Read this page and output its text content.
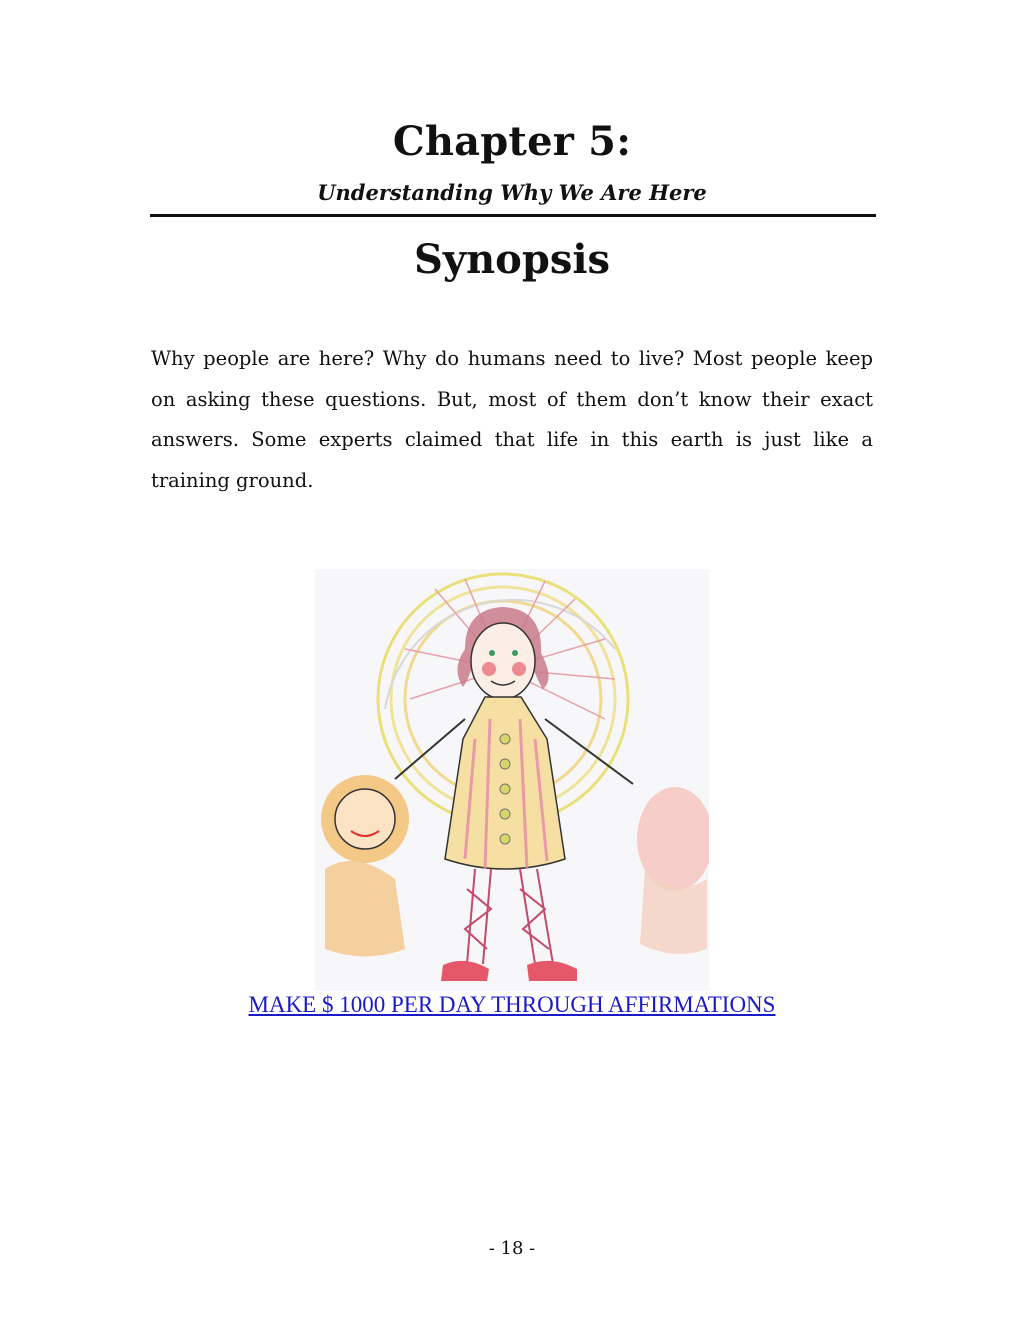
Chapter 5:
Understanding Why We Are Here
Synopsis

Why people are here? Why do humans need to live? Most people keep on asking these questions. But, most of them don’t know their exact answers. Some experts claimed that life in this earth is just like a training ground.

MAKE $ 1000 PER DAY THROUGH AFFIRMATIONS
- 18 -
